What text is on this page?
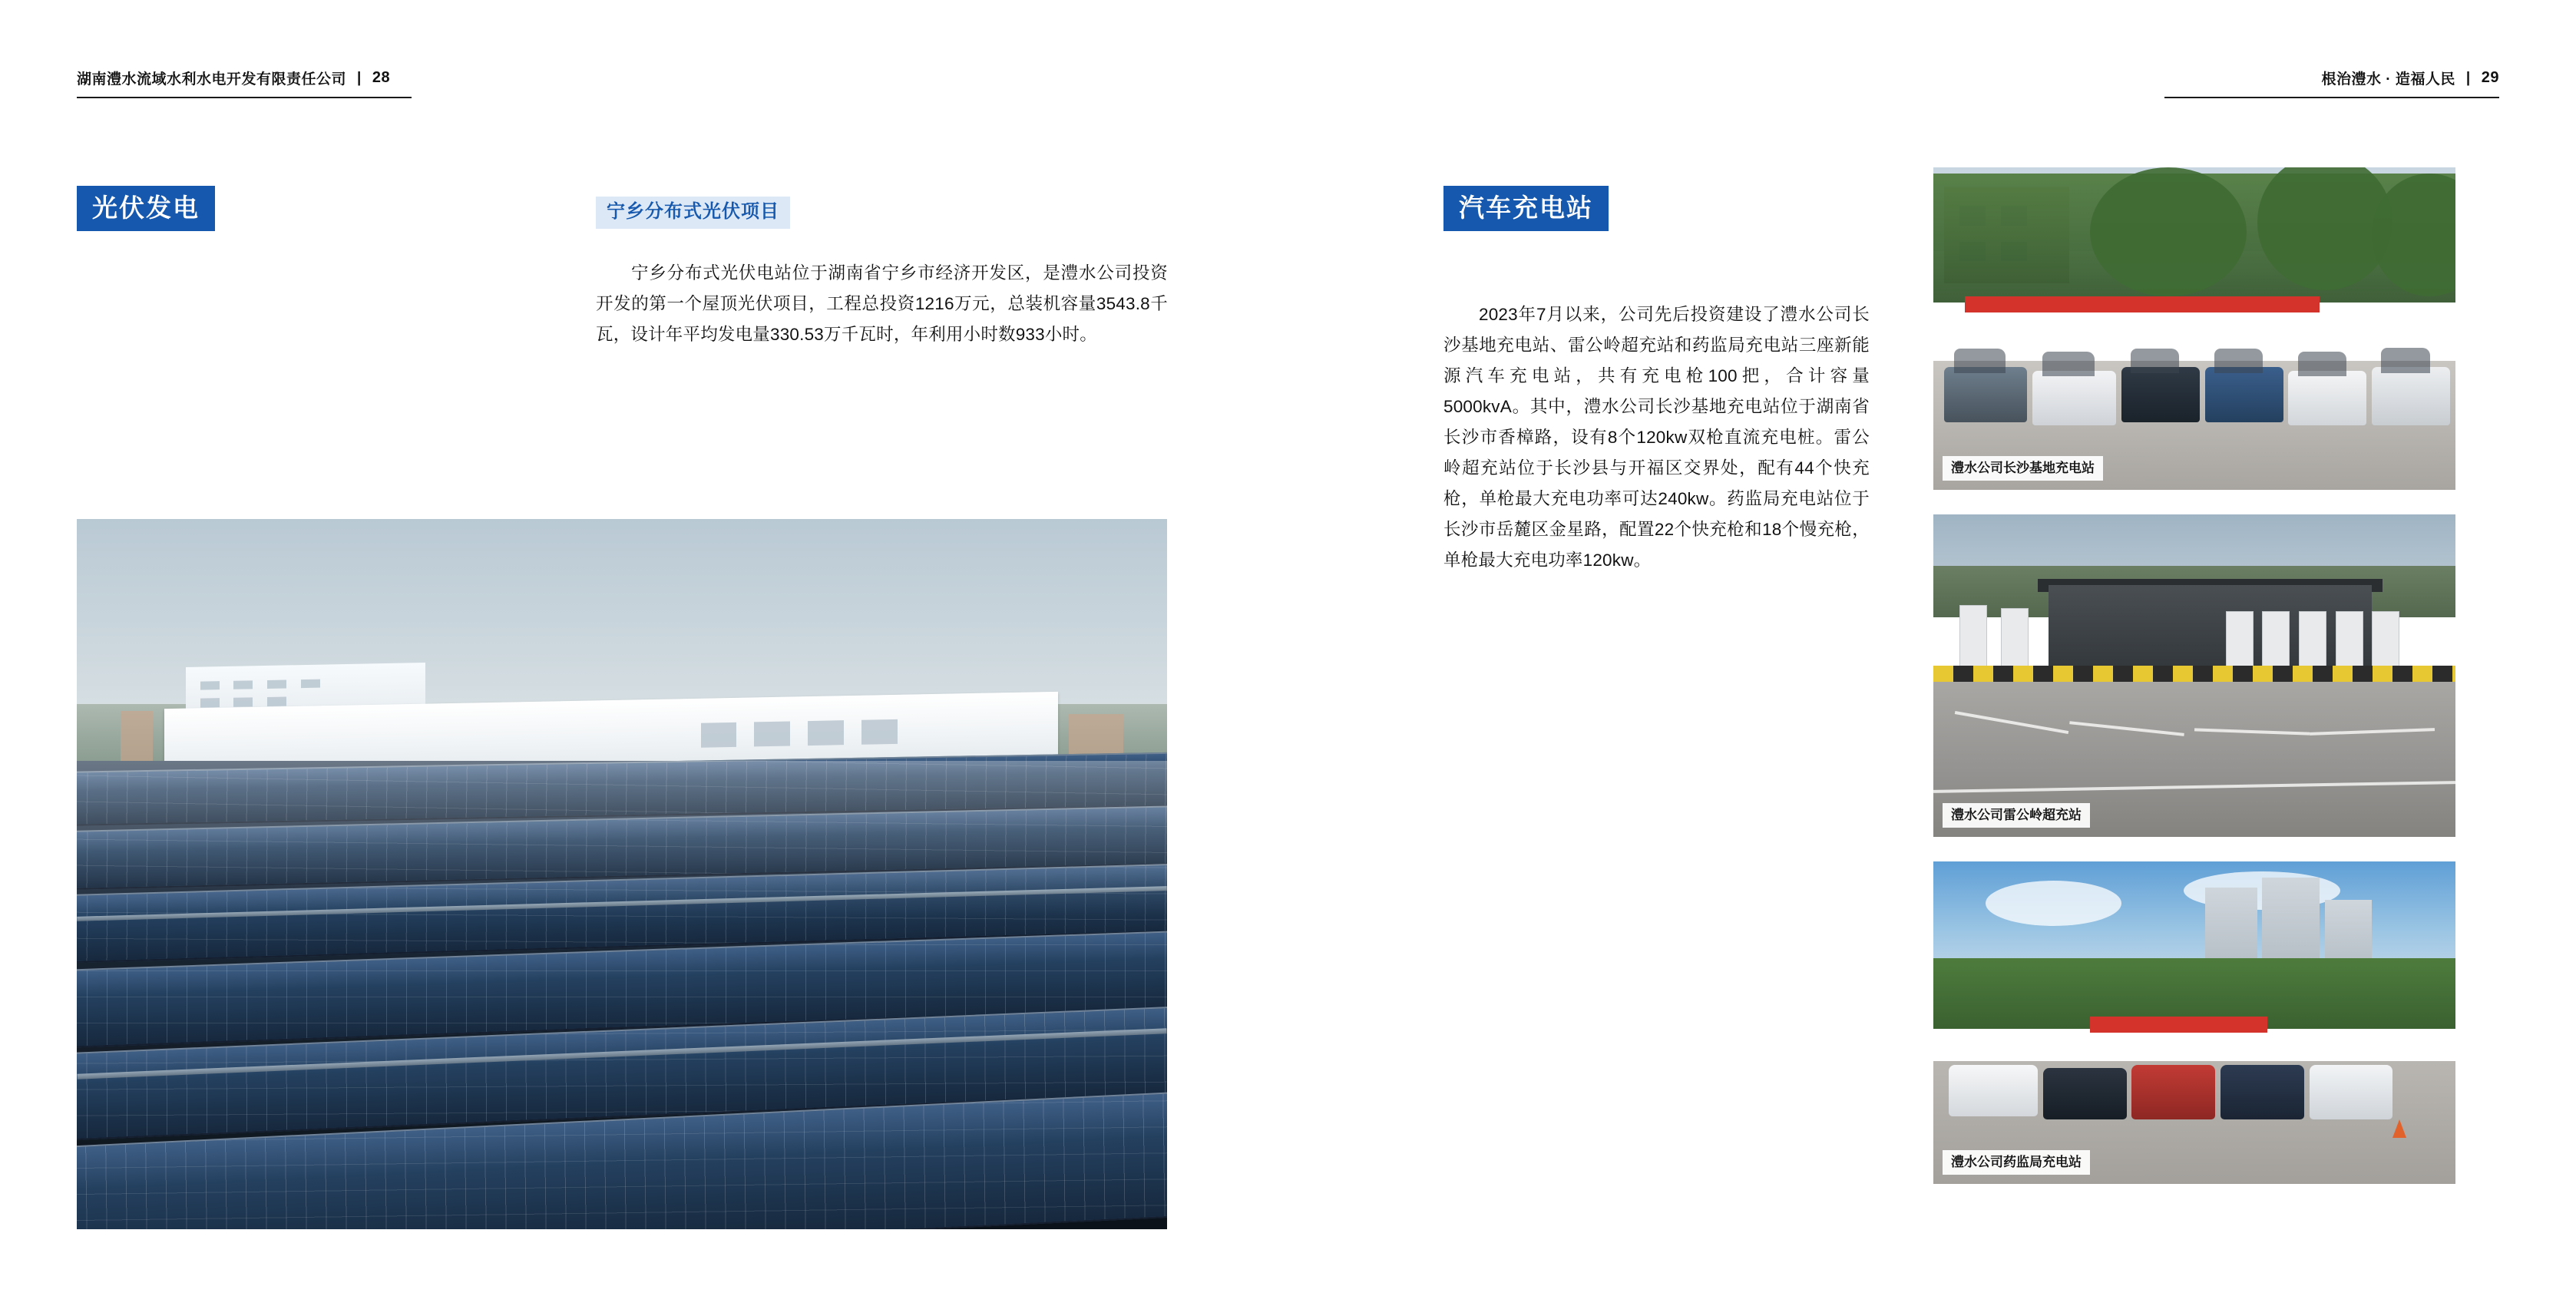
湖南澧水流域水利水电开发有限责任公司 | 28
光伏发电	宁乡分布式光伏项目
宁乡分布式光伏电站位于湖南省宁乡市经济开发区，是澧水公司投资开发的第一个屋顶光伏项目，工程总投资1216万元，总装机容量3543.8千瓦，设计年平均发电量330.53万千瓦时，年利用小时数933小时。
根治澧水 · 造福人民 | 29
汽车充电站
2023年7月以来，公司先后投资建设了澧水公司长沙基地充电站、雷公岭超充站和药监局充电站三座新能源汽车充电站，共有充电枪100把，合计容量5000kvA。其中，澧水公司长沙基地充电站位于湖南省长沙市香樟路，设有8个120kw双枪直流充电桩。雷公岭超充站位于长沙县与开福区交界处，配有44个快充枪，单枪最大充电功率可达240kw。药监局充电站位于长沙市岳麓区金星路，配置22个快充枪和18个慢充枪，单枪最大充电功率120kw。
澧水公司长沙基地充电站
澧水公司雷公岭超充站
澧水公司药监局充电站
